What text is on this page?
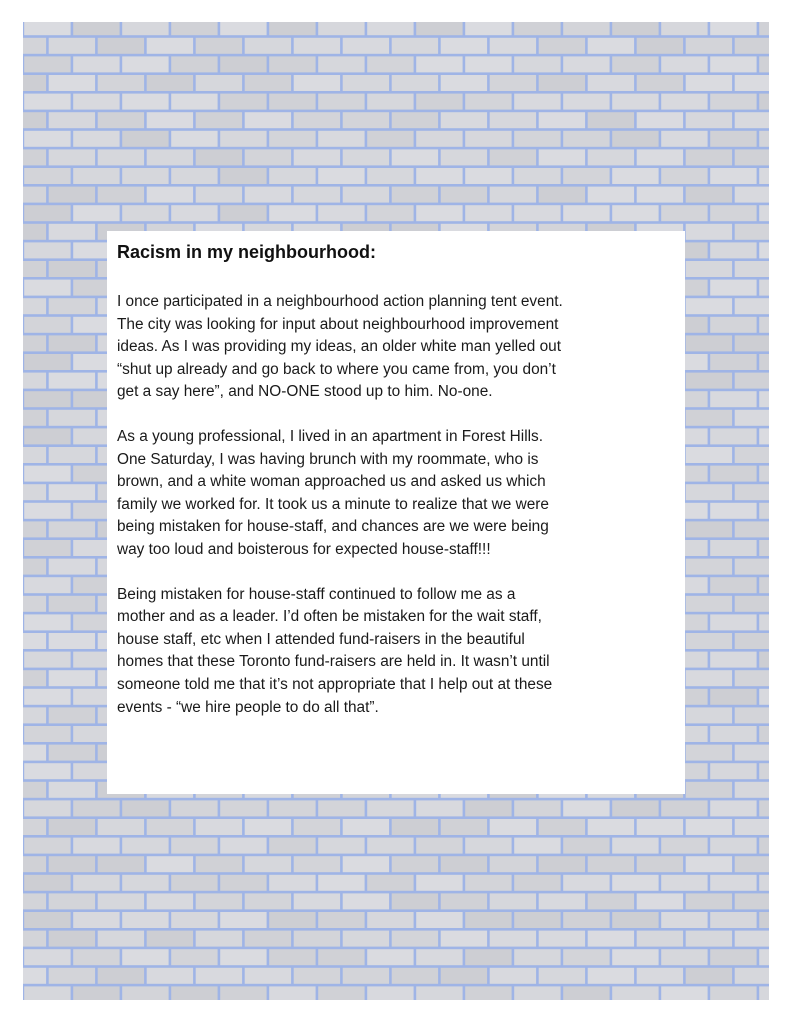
Racism in my neighbourhood:

I once participated in a neighbourhood action planning tent event.
The city was looking for input about neighbourhood improvement
ideas. As I was providing my ideas, an older white man yelled out
“shut up already and go back to where you came from, you don’t
get a say here”, and NO-ONE stood up to him. No-one.

As a young professional, I lived in an apartment in Forest Hills.
One Saturday, I was having brunch with my roommate, who is
brown, and a white woman approached us and asked us which
family we worked for. It took us a minute to realize that we were
being mistaken for house-staff, and chances are we were being
way too loud and boisterous for expected house-staff!!!

Being mistaken for house-staff continued to follow me as a
mother and as a leader. I’d often be mistaken for the wait staff,
house staff, etc when I attended fund-raisers in the beautiful
homes that these Toronto fund-raisers are held in. It wasn’t until
someone told me that it’s not appropriate that I help out at these
events - “we hire people to do all that”.
